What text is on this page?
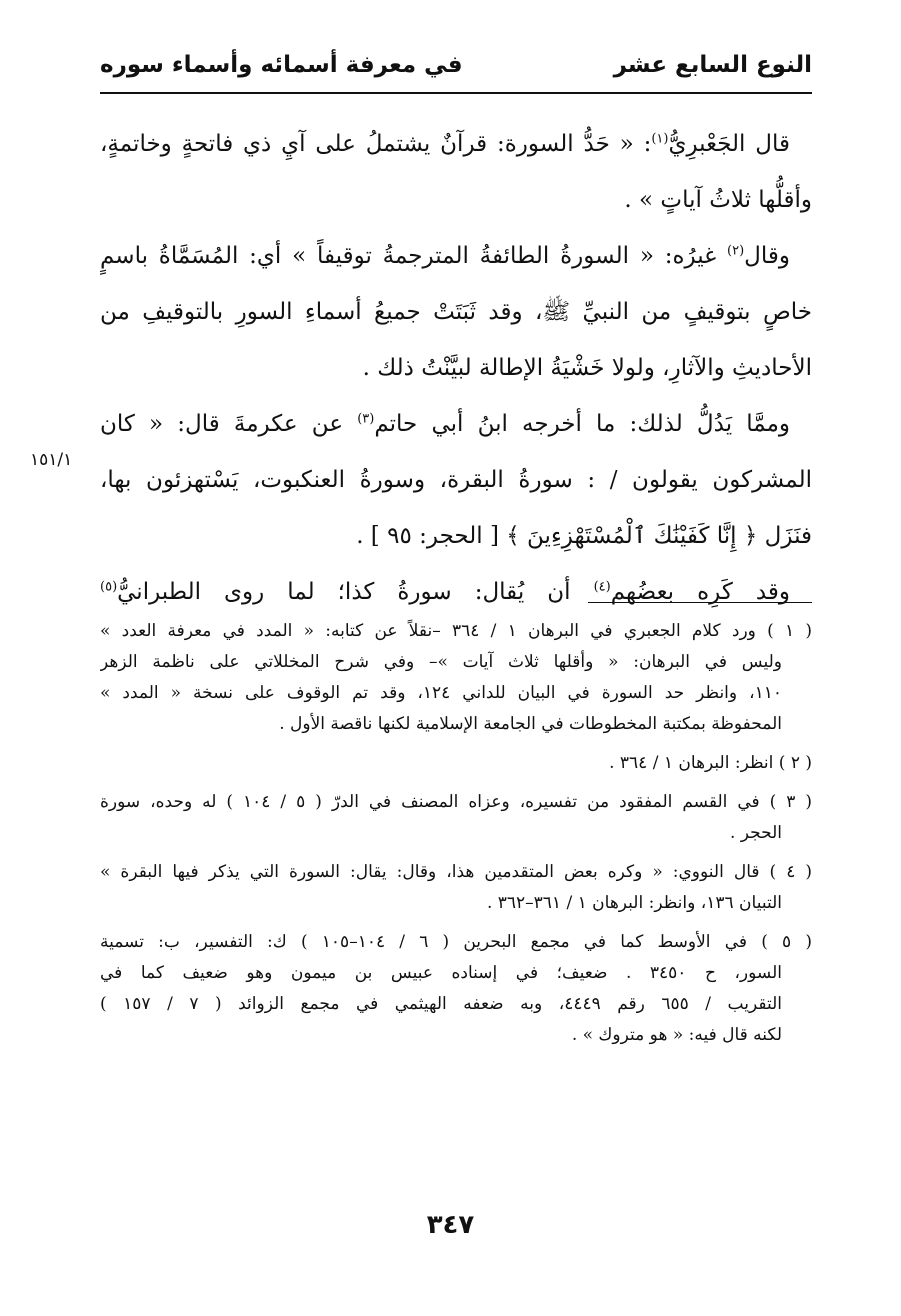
النوع السابع عشر
في معرفة أسمائه وأسماء سوره
قال الجَعْبرِيُّ$^{(١)}$: « حَدُّ السورة: قرآنٌ يشتملُ على آيِ ذي فاتحةٍ وخاتمةٍ،
وأقلُّها ثلاثُ آياتٍ » .
وقال$^{(٢)}$ غيرُه: « السورةُ الطائفةُ المترجمةُ توقيفاً » أي: المُسَمَّاةُ باسمٍ
خاصٍ بتوقيفٍ من النبيِّ ﷺ، وقد ثَبَتَتْ جميعُ أسماءِ السورِ بالتوقيفِ من
الأحاديثِ والآثارِ، ولولا خَشْيَةُ الإطالة لبيَّنْتُ ذلك .
وممَّا يَدُلُّ لذلك: ما أخرجه ابنُ أبي حاتم$^{(٣)}$ عن عكرمةَ قال: « كان
المشركون يقولون / : سورةُ البقرة، وسورةُ العنكبوت، يَسْتهزئون بها،
فنَزَل ﴿ إِنَّا كَفَيْنَٰكَ ٱلْمُسْتَهْزِءِينَ ﴾ [ الحجر: ٩٥ ] .
وقد كَرِه بعضُهم$^{(٤)}$ أن يُقال: سورةُ كذا؛ لما روى الطبرانيُّ$^{(٥)}$
١٥١/١
( ١ ) ورد كلام الجعبري في البرهان ١ / ٣٦٤ –نقلاً عن كتابه: « المدد في معرفة العدد »
وليس في البرهان: « وأقلها ثلاث آيات »– وفي شرح المخللاتي على ناظمة الزهر
١١٠، وانظر حد السورة في البيان للداني ١٢٤، وقد تم الوقوف على نسخة « المدد »
المحفوظة بمكتبة المخطوطات في الجامعة الإسلامية لكنها ناقصة الأول .
( ٢ ) انظر: البرهان ١ / ٣٦٤ .
( ٣ ) في القسم المفقود من تفسيره، وعزاه المصنف في الدرّ ( ٥ / ١٠٤ ) له وحده، سورة
الحجر .
( ٤ ) قال النووي: « وكره بعض المتقدمين هذا، وقال: يقال: السورة التي يذكر فيها البقرة »
التبيان ١٣٦، وانظر: البرهان ١ / ٣٦١–٣٦٢ .
( ٥ ) في الأوسط كما في مجمع البحرين ( ٦ / ١٠٤–١٠٥ ) ك: التفسير، ب: تسمية
السور، ح ٣٤٥٠ . ضعيف؛ في إسناده عبيس بن ميمون وهو ضعيف كما في
التقريب / ٦٥٥ رقم ٤٤٤٩، وبه ضعفه الهيثمي في مجمع الزوائد ( ٧ / ١٥٧ )
لكنه قال فيه: « هو متروك » .
٣٤٧
